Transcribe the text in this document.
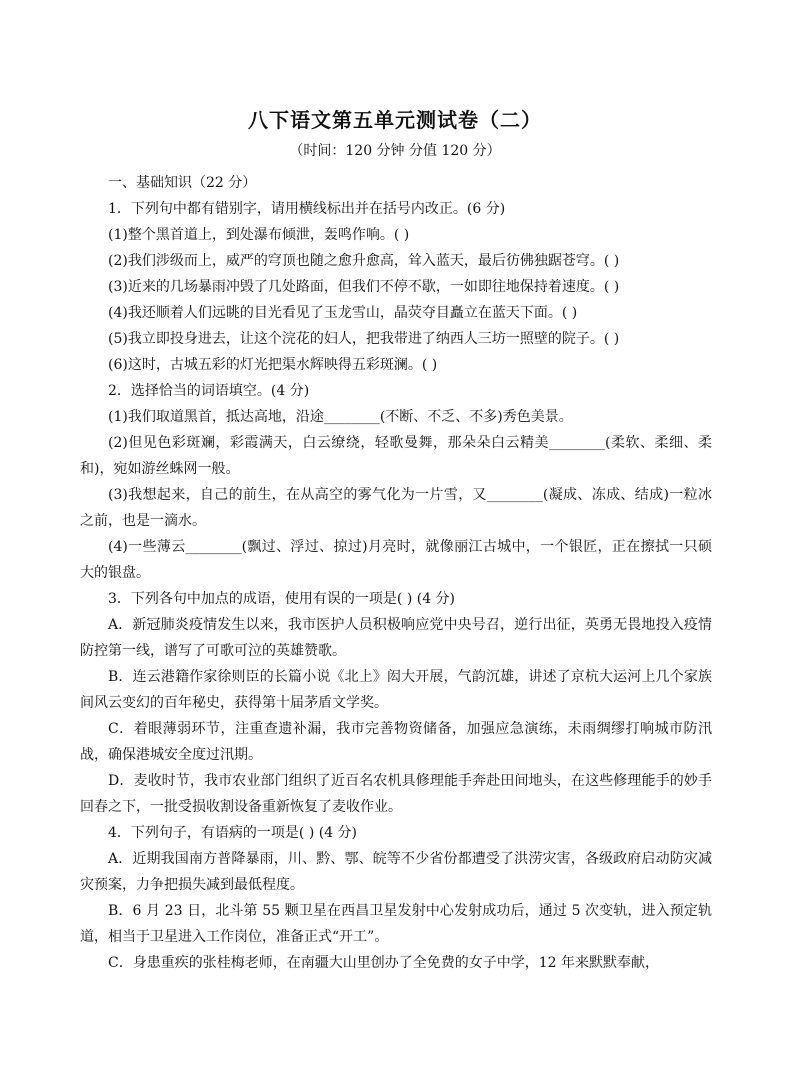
八下语文第五单元测试卷（二）
（时间：120 分钟 分值 120 分）
一、基础知识（22 分）
1．下列句中都有错别字，请用横线标出并在括号内改正。(6 分)
(1)整个黑首道上，到处瀑布倾泄，轰鸣作响。( )
(2)我们涉级而上，威严的穹顶也随之愈升愈高，耸入蓝天，最后彷佛独踞苍穹。( )
(3)近来的几场暴雨冲毁了几处路面，但我们不停不歇，一如即往地保持着速度。( )
(4)我还顺着人们远眺的目光看见了玉龙雪山，晶荧夺目矗立在蓝天下面。( )
(5)我立即投身进去，让这个浣花的妇人，把我带进了纳西人三坊一照壁的院子。( )
(6)这时，古城五彩的灯光把渠水辉映得五彩斑澜。( )
2．选择恰当的词语填空。(4 分)
(1)我们取道黑首，抵达高地，沿途________(不断、不乏、不多)秀色美景。
(2)但见色彩斑斓，彩霞满天，白云缭绕，轻歌曼舞，那朵朵白云精美________(柔软、柔细、柔和)，宛如游丝蛛网一般。
(3)我想起来，自己的前生，在从高空的雾气化为一片雪，又________(凝成、冻成、结成)一粒冰之前，也是一滴水。
(4)一些薄云________(飘过、浮过、掠过)月亮时，就像丽江古城中，一个银匠，正在擦拭一只硕大的银盘。
3．下列各句中加点的成语，使用有误的一项是( ) (4 分)
A．新冠肺炎疫情发生以来，我市医护人员积极响应党中央号召，逆行出征，英勇无畏地投入疫情防控第一线，谱写了可歌可泣的英雄赞歌。
B．连云港籍作家徐则臣的长篇小说《北上》闳大开展，气韵沉雄，讲述了京杭大运河上几个家族间风云变幻的百年秘史，获得第十届茅盾文学奖。
C．着眼薄弱环节，注重查遗补漏，我市完善物资储备，加强应急演练，未雨绸缪打响城市防汛战，确保港城安全度过汛期。
D．麦收时节，我市农业部门组织了近百名农机具修理能手奔赴田间地头，在这些修理能手的妙手回春之下，一批受损收割设备重新恢复了麦收作业。
4．下列句子，有语病的一项是( ) (4 分)
A．近期我国南方普降暴雨，川、黔、鄂、皖等不少省份都遭受了洪涝灾害，各级政府启动防灾减灾预案，力争把损失减到最低程度。
B．6 月 23 日，北斗第 55 颗卫星在西昌卫星发射中心发射成功后，通过 5 次变轨，进入预定轨道，相当于卫星进入工作岗位，准备正式“开工”。
C．身患重疾的张桂梅老师，在南疆大山里创办了全免费的女子中学，12 年来默默奉献，
